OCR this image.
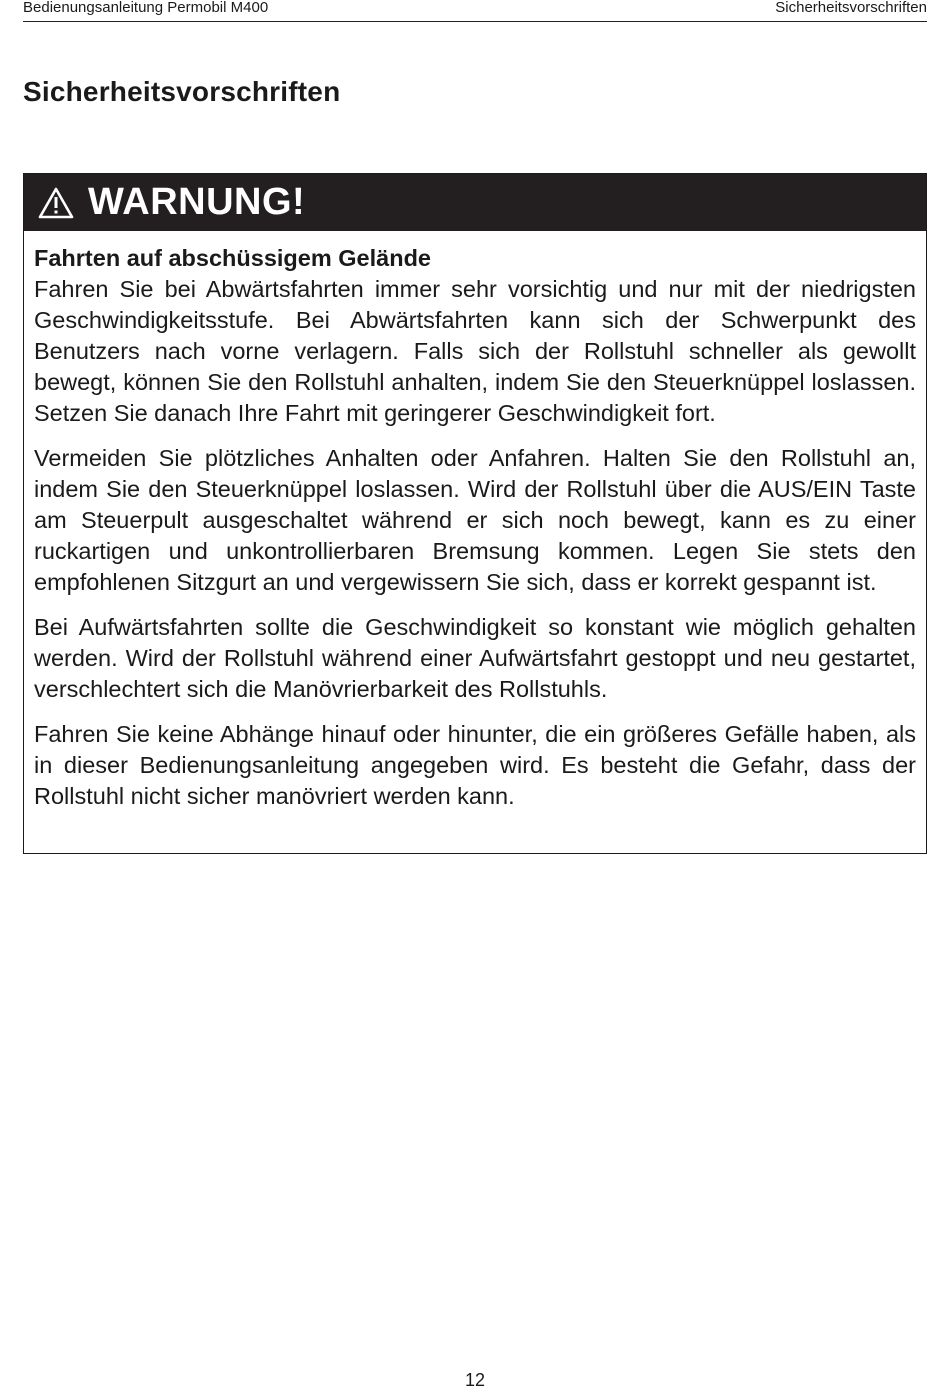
Bedienungsanleitung Permobil M400	Sicherheitsvorschriften
Sicherheitsvorschriften
WARNUNG!

Fahrten auf abschüssigem Gelände

Fahren Sie bei Abwärtsfahrten immer sehr vorsichtig und nur mit der niedrigsten Geschwindigkeitsstufe. Bei Abwärtsfahrten kann sich der Schwerpunkt des Benutzers nach vorne verlagern. Falls sich der Rollstuhl schneller als gewollt bewegt, können Sie den Rollstuhl anhalten, indem Sie den Steuerknüppel loslassen. Setzen Sie danach Ihre Fahrt mit geringerer Geschwindigkeit fort.

Vermeiden Sie plötzliches Anhalten oder Anfahren. Halten Sie den Rollstuhl an, indem Sie den Steuerknüppel loslassen. Wird der Rollstuhl über die AUS/EIN Taste am Steuerpult ausgeschaltet während er sich noch bewegt, kann es zu einer ruckartigen und unkontrollierbaren Bremsung kommen. Legen Sie stets den empfohlenen Sitzgurt an und vergewissern Sie sich, dass er korrekt gespannt ist.

Bei Aufwärtsfahrten sollte die Geschwindigkeit so konstant wie möglich gehalten werden. Wird der Rollstuhl während einer Aufwärtsfahrt gestoppt und neu gestartet, verschlechtert sich die Manövrierbarkeit des Rollstuhls.

Fahren Sie keine Abhänge hinauf oder hinunter, die ein größeres Gefälle haben, als in dieser Bedienungsanleitung angegeben wird. Es besteht die Gefahr, dass der Rollstuhl nicht sicher manövriert werden kann.

12
